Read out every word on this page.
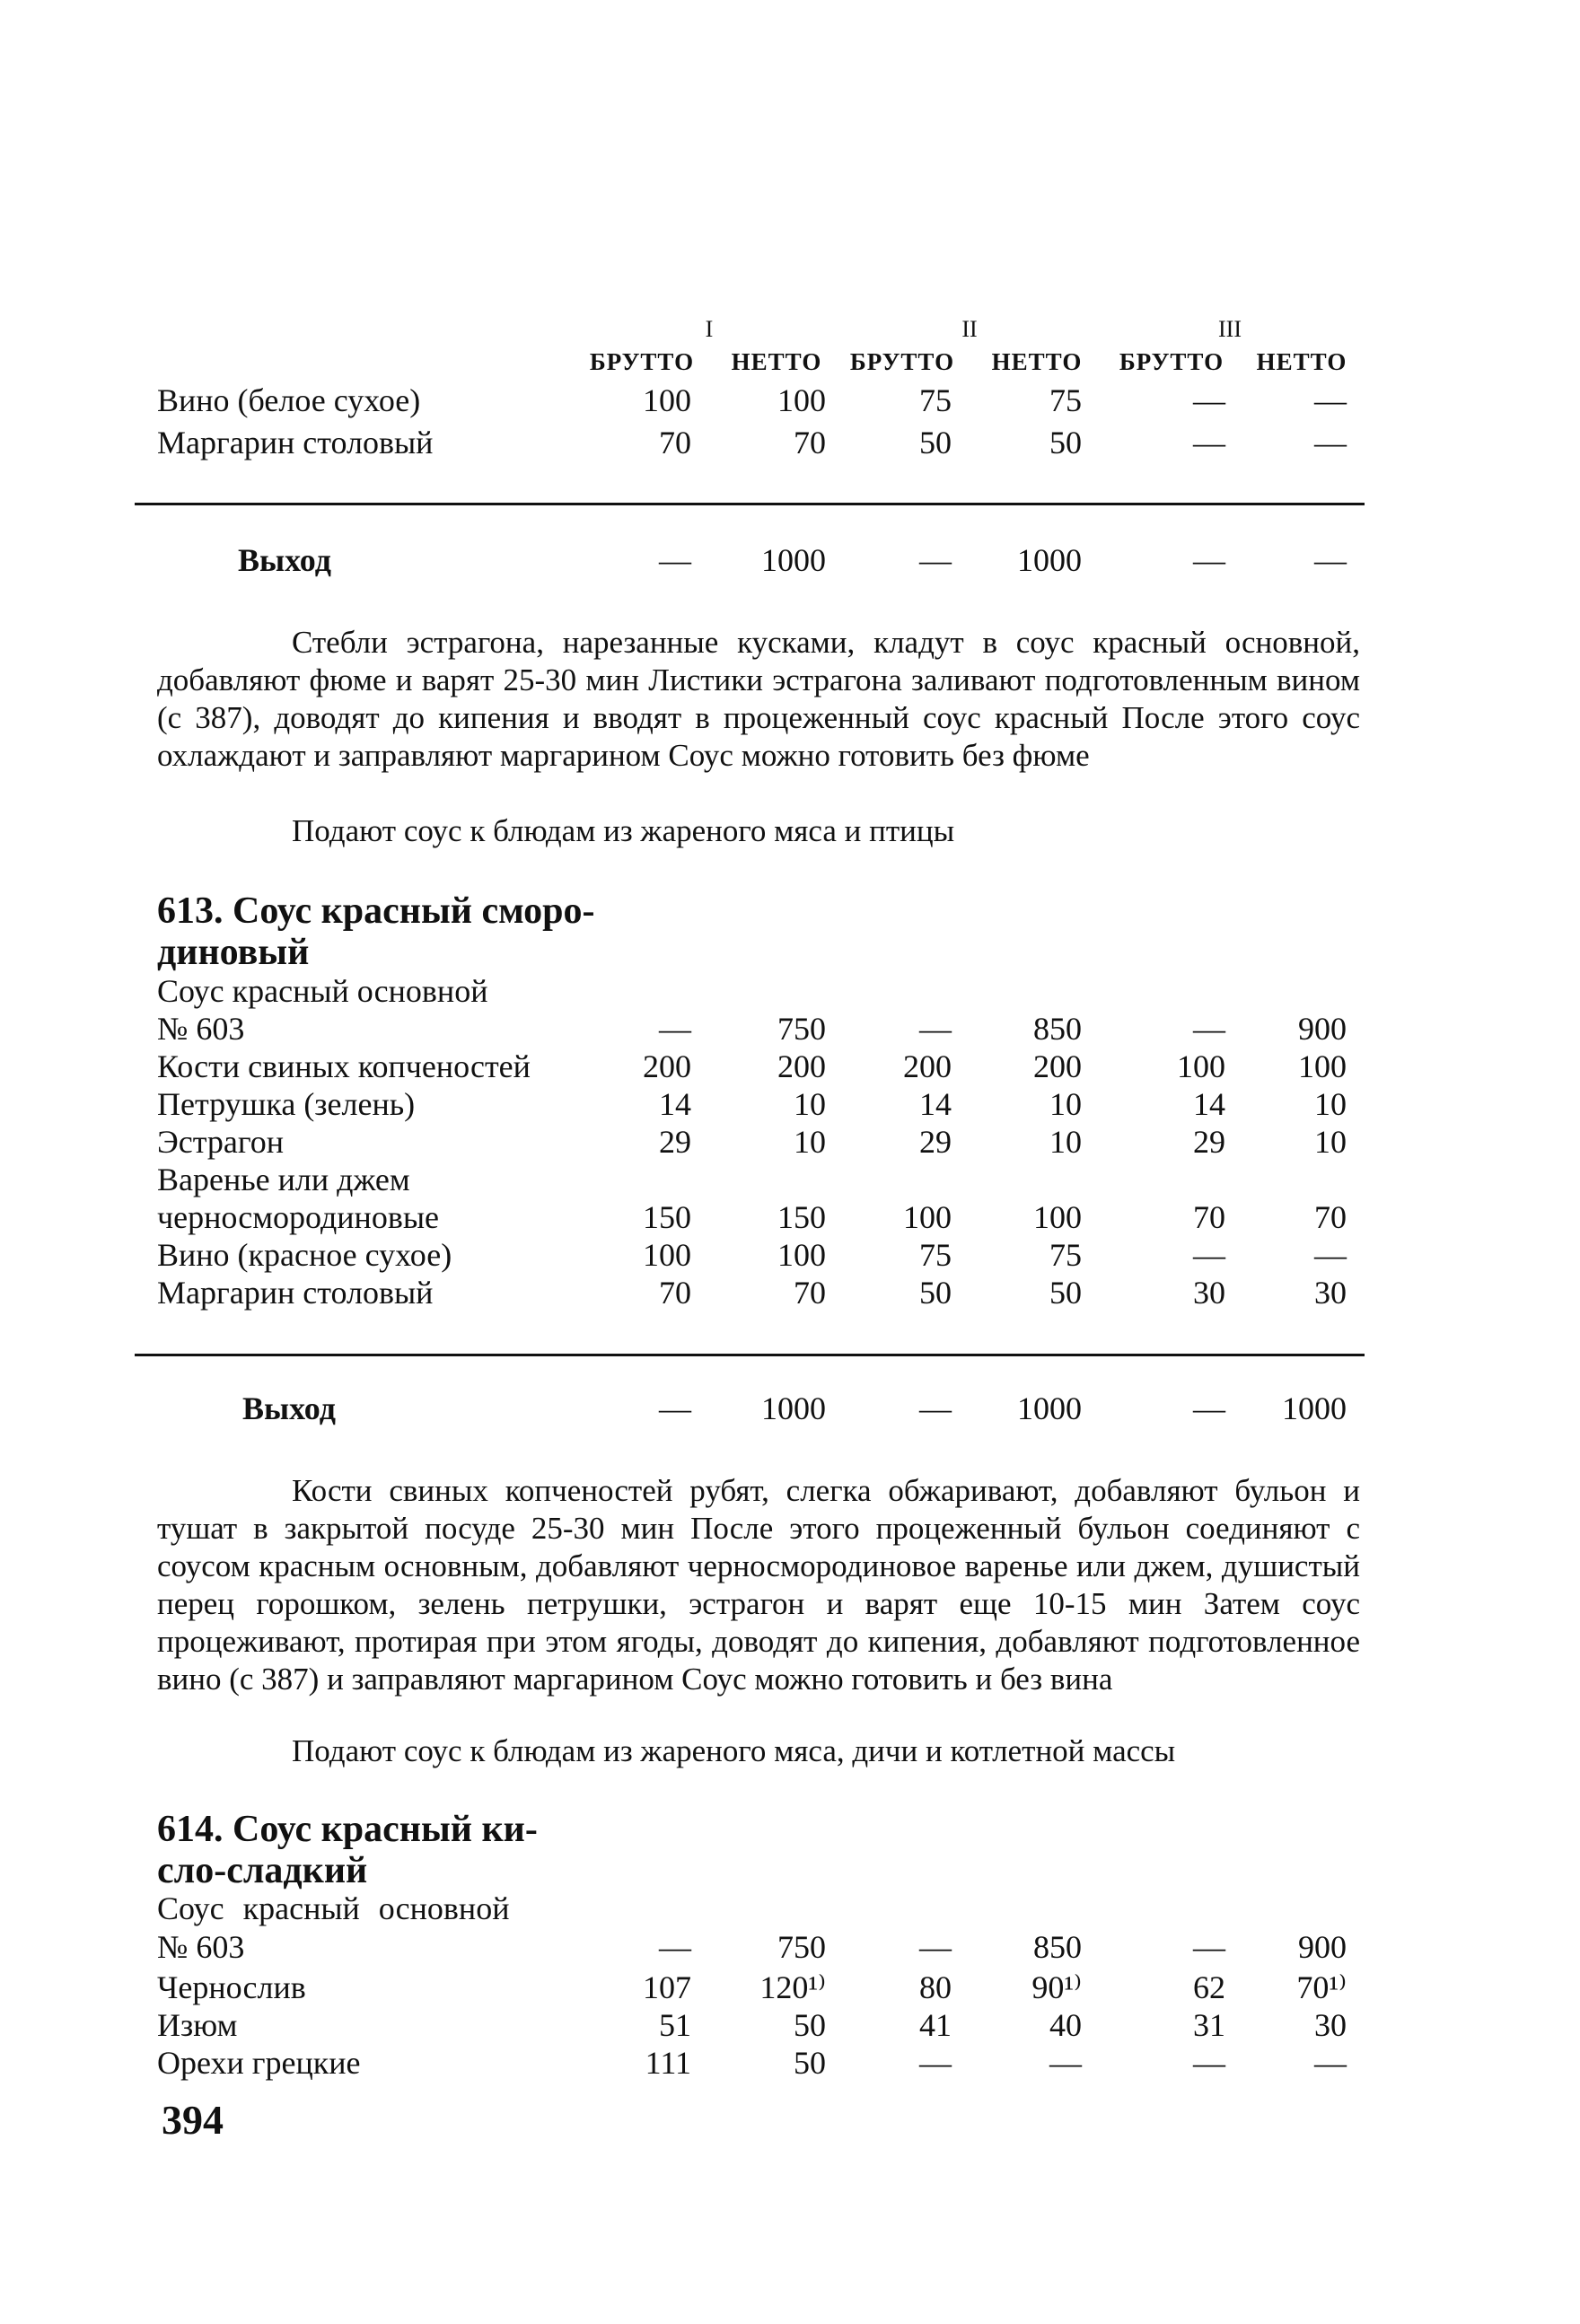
I	II	III
БРУТТО	НЕТТО	БРУТТО	НЕТТО	БРУТТО	НЕТТО
Вино (белое сухое)	100	100	75	75	—	—
Маргарин столовый	70	70	50	50	—	—
Выход	—	1000	—	1000	—	—
Стебли эстрагона, нарезанные кусками, кладут в соус красный основной, добавляют фюме и варят 25-30 мин Листики эстрагона заливают подготовленным вином (с 387), доводят до кипения и вводят в процеженный соус красный После этого соус охлаждают и заправляют маргарином Соус можно готовить без фюме
Подают соус к блюдам из жареного мяса и птицы
613. Соус красный сморо-
диновый
Соус красный основной
№ 603	—	750	—	850	—	900
Кости свиных копченостей	200	200	200	200	100	100
Петрушка (зелень)	14	10	14	10	14	10
Эстрагон	29	10	29	10	29	10
Варенье или джем
черносмородиновые	150	150	100	100	70	70
Вино (красное сухое)	100	100	75	75	—	—
Маргарин столовый	70	70	50	50	30	30
Выход	—	1000	—	1000	—	1000
Кости свиных копченостей рубят, слегка обжаривают, добавляют бульон и тушат в закрытой посуде 25-30 мин После этого процеженный бульон соединяют с соусом красным основным, добавляют черносмородиновое варенье или джем, душистый перец горошком, зелень петрушки, эстрагон и варят еще 10-15 мин Затем соус процеживают, протирая при этом ягоды, доводят до кипения, добавляют подготовленное вино (с 387) и заправляют маргарином Соус можно готовить и без вина
Подают соус к блюдам из жареного мяса, дичи и котлетной массы
614. Соус красный ки-
сло-сладкий
Соус красный основной
№ 603	—	750	—	850	—	900
Чернослив	107	120¹⁾	80	90¹⁾	62	70¹⁾
Изюм	51	50	41	40	31	30
Орехи грецкие	111	50	—	—	—	—
394
